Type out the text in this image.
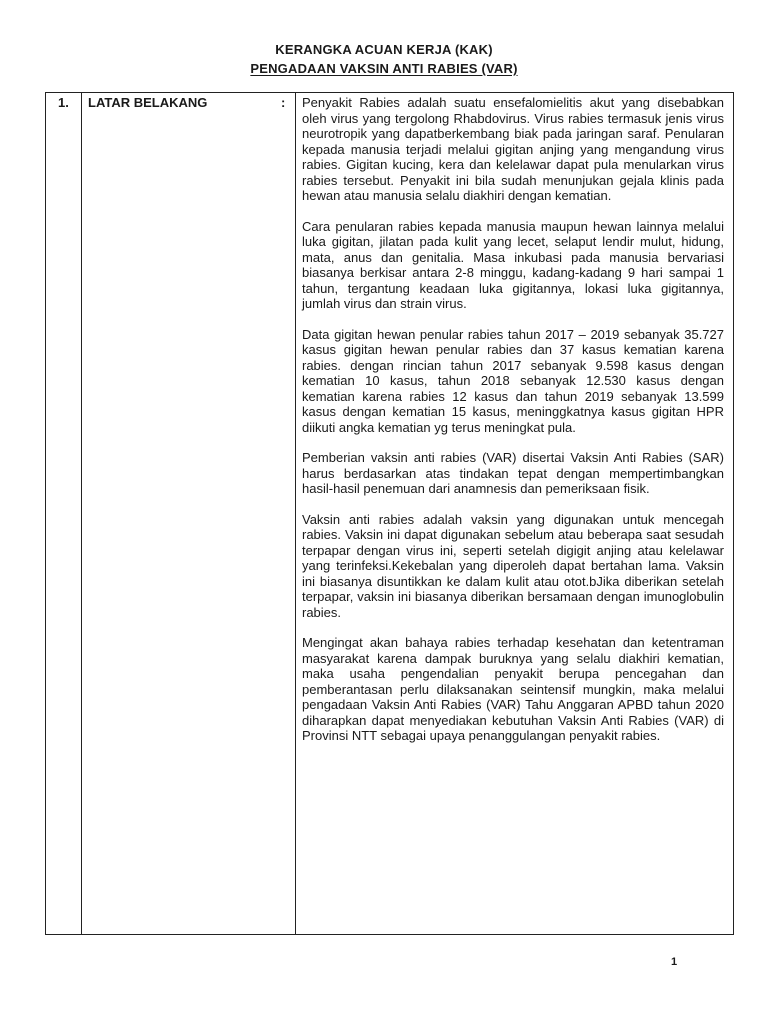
KERANGKA ACUAN KERJA (KAK)
PENGADAAN VAKSIN ANTI RABIES (VAR)
1. LATAR BELAKANG	: Penyakit Rabies adalah suatu ensefalomielitis akut yang disebabkan oleh virus yang tergolong Rhabdovirus. Virus rabies termasuk jenis virus neurotropik yang dapatberkembang biak pada jaringan saraf. Penularan kepada manusia terjadi melalui gigitan anjing yang mengandung virus rabies. Gigitan kucing, kera dan kelelawar dapat pula menularkan virus rabies tersebut. Penyakit ini bila sudah menunjukan gejala klinis pada hewan atau manusia selalu diakhiri dengan kematian.

Cara penularan rabies kepada manusia maupun hewan lainnya melalui luka gigitan, jilatan pada kulit yang lecet, selaput lendir mulut, hidung, mata, anus dan genitalia. Masa inkubasi pada manusia bervariasi biasanya berkisar antara 2-8 minggu, kadang-kadang 9 hari sampai 1 tahun, tergantung keadaan luka gigitannya, lokasi luka gigitannya, jumlah virus dan strain virus.

Data gigitan hewan penular rabies tahun 2017 – 2019 sebanyak 35.727 kasus gigitan hewan penular rabies dan 37 kasus kematian karena rabies. dengan rincian tahun 2017 sebanyak 9.598 kasus dengan kematian 10 kasus, tahun 2018 sebanyak 12.530 kasus dengan kematian karena rabies 12 kasus dan tahun 2019 sebanyak 13.599 kasus dengan kematian 15 kasus, meninggkatnya kasus gigitan HPR diikuti angka kematian yg terus meningkat pula.

Pemberian vaksin anti rabies (VAR) disertai Vaksin Anti Rabies (SAR) harus berdasarkan atas tindakan tepat dengan mempertimbangkan hasil-hasil penemuan dari anamnesis dan pemeriksaan fisik.

Vaksin anti rabies adalah vaksin yang digunakan untuk mencegah rabies. Vaksin ini dapat digunakan sebelum atau beberapa saat sesudah terpapar dengan virus ini, seperti setelah digigit anjing atau kelelawar yang terinfeksi.Kekebalan yang diperoleh dapat bertahan lama. Vaksin ini biasanya disuntikkan ke dalam kulit atau otot.bJika diberikan setelah terpapar, vaksin ini biasanya diberikan bersamaan dengan imunoglobulin rabies.

Mengingat akan bahaya rabies terhadap kesehatan dan ketentraman masyarakat karena dampak buruknya yang selalu diakhiri kematian, maka usaha pengendalian penyakit berupa pencegahan dan pemberantasan perlu dilaksanakan seintensif mungkin, maka melalui pengadaan Vaksin Anti Rabies (VAR) Tahu Anggaran APBD tahun 2020 diharapkan dapat menyediakan kebutuhan Vaksin Anti Rabies (VAR) di Provinsi NTT sebagai upaya penanggulangan penyakit rabies.

1
